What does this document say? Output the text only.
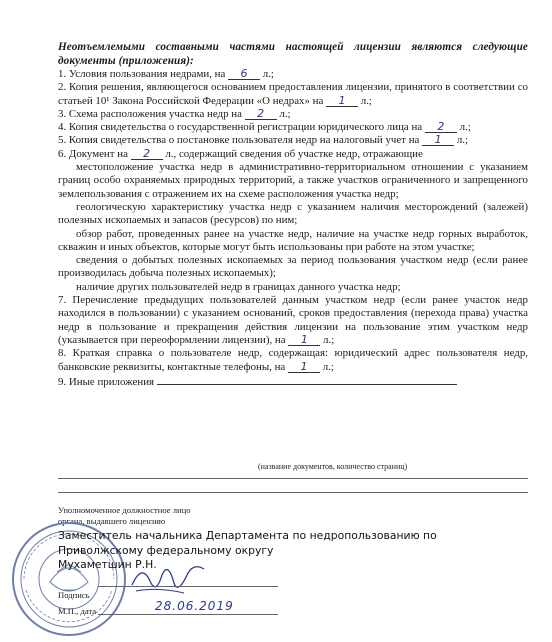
Неотъемлемыми составными частями настоящей лицензии являются следующие документы (приложения):

1. Условия пользования недрами, на 6 л.;

2. Копия решения, являющегося основанием предоставления лицензии, принятого в соответствии со статьей 10¹ Закона Российской Федерации «О недрах» на 1 л.;

3. Схема расположения участка недр на 2 л.;

4. Копия свидетельства о государственной регистрации юридического лица на 2 л.;

5. Копия свидетельства о постановке пользователя недр на налоговый учет на 1 л.;

6. Документ на 2 л., содержащий сведения об участке недр, отражающие

местоположение участка недр в административно-территориальном отношении с указанием границ особо охраняемых природных территорий, а также участков ограниченного и запрещенного землепользования с отражением их на схеме расположения участка недр;

геологическую характеристику участка недр с указанием наличия месторождений (залежей) полезных ископаемых и запасов (ресурсов) по ним;

обзор работ, проведенных ранее на участке недр, наличие на участке недр горных выработок, скважин и иных объектов, которые могут быть использованы при работе на этом участке;

сведения о добытых полезных ископаемых за период пользования участком недр (если ранее производилась добыча полезных ископаемых);

наличие других пользователей недр в границах данного участка недр;

7. Перечисление предыдущих пользователей данным участком недр (если ранее участок недр находился в пользовании) с указанием оснований, сроков предоставления (перехода права) участка недр в пользование и прекращения действия лицензии на пользование этим участком недр (указывается при переоформлении лицензии), на 1 л.;

8. Краткая справка о пользователе недр, содержащая: юридический адрес пользователя недр, банковские реквизиты, контактные телефоны, на 1 л.;

9. Иные приложения

(название документов, количество страниц)
Уполномоченное должностное лицо
органа, выдавшего лицензию
Заместитель начальника Департамента по недропользованию по
Приволжскому федеральному округу
Мухаметшин Р.Н.
Подпись
М.П., дата	28.06.2019
